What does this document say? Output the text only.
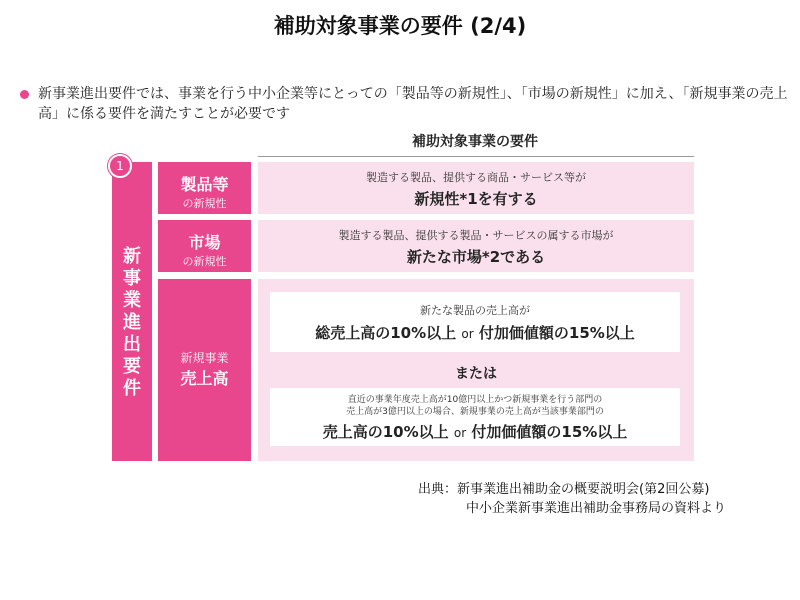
補助対象事業の要件 (2/4)
新事業進出要件では、事業を行う中小企業等にとっての「製品等の新規性」、「市場の新規性」に加え、「新規事業の売上高」に係る要件を満たすことが必要です
補助対象事業の要件
1
新
事
業
進
出
要
件
製品等
の新規性
製造する製品、提供する商品・サービス等が
新規性*1を有する
市場
の新規性
製造する製品、提供する製品・サービスの属する市場が
新たな市場*2である
新規事業
売上高
新たな製品の売上高が
総売上高の10%以上 or 付加価値額の15%以上
または
直近の事業年度売上高が10億円以上かつ新規事業を行う部門の
売上高が3億円以上の場合、新規事業の売上高が当該事業部門の
売上高の10%以上 or 付加価値額の15%以上
出典：新事業進出補助金の概要説明会(第2回公募)
中小企業新事業進出補助金事務局の資料より
